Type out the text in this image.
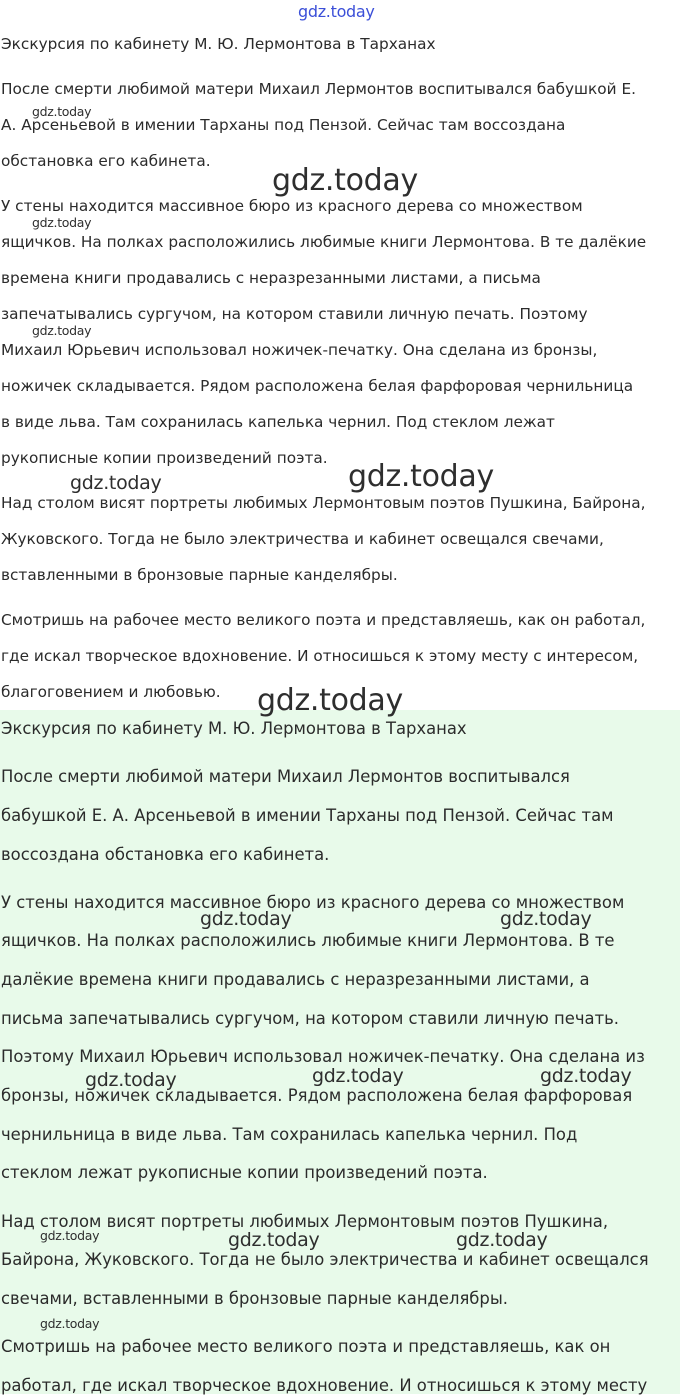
Экскурсия по кабинету М. Ю. Лермонтова в Тарханах

После смерти любимой матери Михаил Лермонтов воспитывался бабушкой Е.

А. Арсеньевой в имении Тарханы под Пензой. Сейчас там воссоздана

обстановка его кабинета.

У стены находится массивное бюро из красного дерева со множеством

ящичков. На полках расположились любимые книги Лермонтова. В те далёкие

времена книги продавались с неразрезанными листами, а письма

запечатывались сургучом, на котором ставили личную печать. Поэтому

Михаил Юрьевич использовал ножичек-печатку. Она сделана из бронзы,

ножичек складывается. Рядом расположена белая фарфоровая чернильница

в виде льва. Там сохранилась капелька чернил. Под стеклом лежат

рукописные копии произведений поэта.

Над столом висят портреты любимых Лермонтовым поэтов Пушкина, Байрона,

Жуковского. Тогда не было электричества и кабинет освещался свечами,

вставленными в бронзовые парные канделябры.

Смотришь на рабочее место великого поэта и представляешь, как он работал,

где искал творческое вдохновение. И относишься к этому месту с интересом,

благоговением и любовью.

Экскурсия по кабинету М. Ю. Лермонтова в Тарханах

После смерти любимой матери Михаил Лермонтов воспитывался

бабушкой Е. А. Арсеньевой в имении Тарханы под Пензой. Сейчас там

воссоздана обстановка его кабинета.

У стены находится массивное бюро из красного дерева со множеством

ящичков. На полках расположились любимые книги Лермонтова. В те

далёкие времена книги продавались с неразрезанными листами, а

письма запечатывались сургучом, на котором ставили личную печать.

Поэтому Михаил Юрьевич использовал ножичек-печатку. Она сделана из

бронзы, ножичек складывается. Рядом расположена белая фарфоровая

чернильница в виде льва. Там сохранилась капелька чернил. Под

стеклом лежат рукописные копии произведений поэта.

Над столом висят портреты любимых Лермонтовым поэтов Пушкина,

Байрона, Жуковского. Тогда не было электричества и кабинет освещался

свечами, вставленными в бронзовые парные канделябры.

Смотришь на рабочее место великого поэта и представляешь, как он

работал, где искал творческое вдохновение. И относишься к этому месту

gdz.today
gdz.today
gdz.today
gdz.today
gdz.today
gdz.today	gdz.today
gdz.today
gdz.today	gdz.today
gdz.today	gdz.today	gdz.today
gdz.today	gdz.today	gdz.today
gdz.today
